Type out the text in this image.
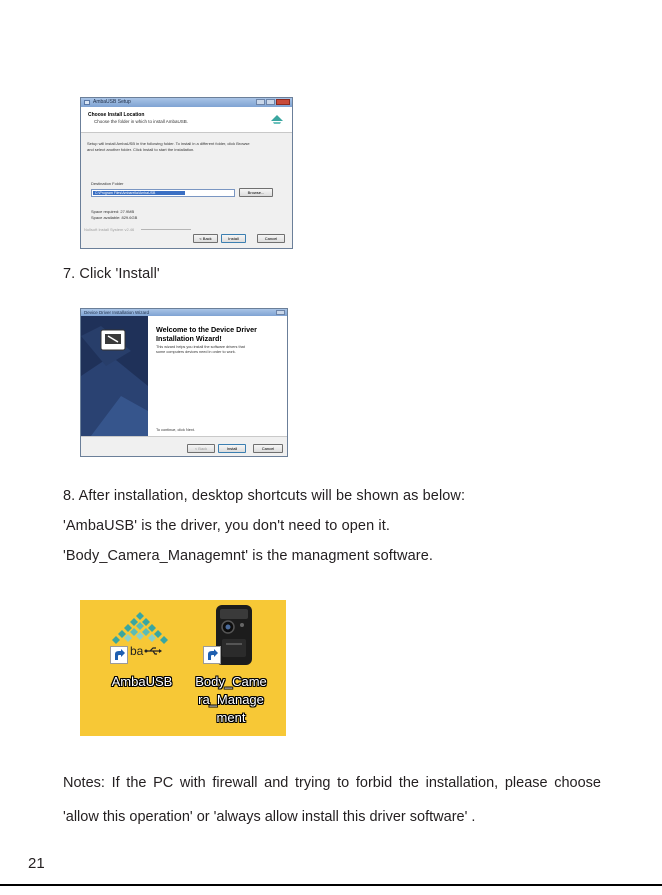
AmbaUSB Setup
Choose Install Location
Choose the folder in which to install AmbaUSB.
Setup will install AmbaUSB in the following folder. To install in a different folder, click Browse
and select another folder. Click Install to start the installation.
Destination Folder
C:\Program Files\Ambarella\AmbaUSB	Browse...
Space required: 27.9MB
Space available: 829.6GB
Nullsoft Install System v2.46
< Back	Install	Cancel
7. Click 'Install'
Device Driver Installation Wizard
Welcome to the Device Driver
Installation Wizard!
This wizard helps you install the software drivers that
some computers devices need in order to work.
To continue, click Next.
< Back	Install	Cancel
8. After installation, desktop shortcuts will be shown as below:
'AmbaUSB' is the driver, you don't need to open it.
'Body_Camera_Managemnt' is the managment software.
ba
AmbaUSB	Body_Came
ra_Manage
ment
Notes: If the PC with firewall and trying to forbid the installation, please choose 'allow this operation' or 'always allow install this driver software' .
21
